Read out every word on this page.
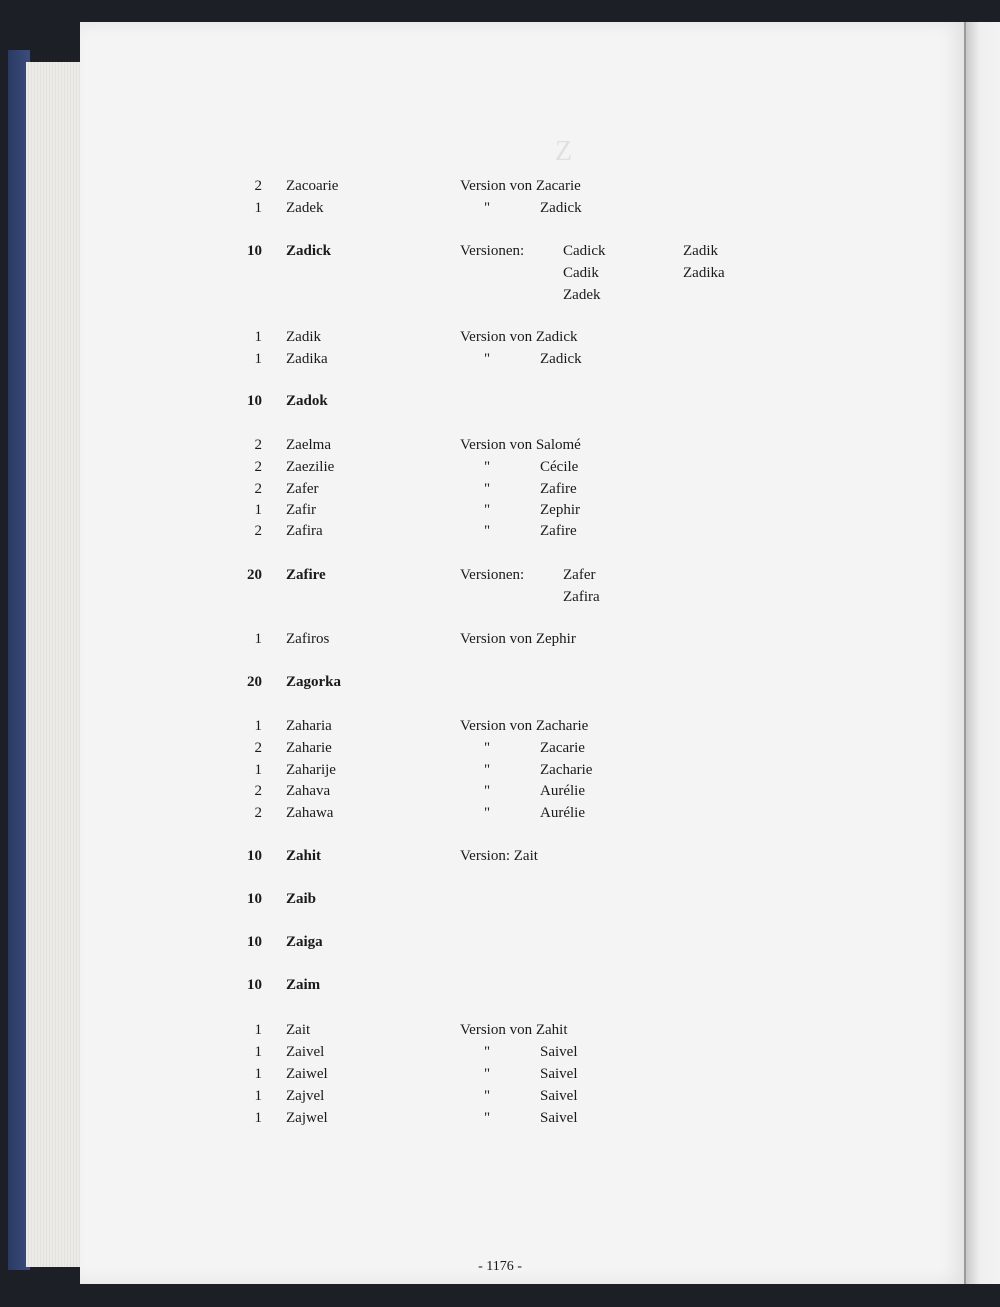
Z
2 Zacoarie	Version von Zacarie
1 Zadek	"	Zadick
10 Zadick	Versionen:	Cadick	Zadik
Cadik	Zadika
Zadek
1 Zadik	Version von Zadick
1 Zadika	"	Zadick
10 Zadok
2 Zaelma	Version von Salomé
2 Zaezilie	"	Cécile
2 Zafer	"	Zafire
1 Zafir	"	Zephir
2 Zafira	"	Zafire
20 Zafire	Versionen:	Zafer
Zafira
1 Zafiros	Version von Zephir
20 Zagorka
1 Zaharia	Version von Zacharie
2 Zaharie	"	Zacarie
1 Zaharije	"	Zacharie
2 Zahava	"	Aurélie
2 Zahawa	"	Aurélie
10 Zahit	Version: Zait
10 Zaib
10 Zaiga
10 Zaim
1 Zait	Version von Zahit
1 Zaivel	"	Saivel
1 Zaiwel	"	Saivel
1 Zajvel	"	Saivel
1 Zajwel	"	Saivel
- 1176 -
